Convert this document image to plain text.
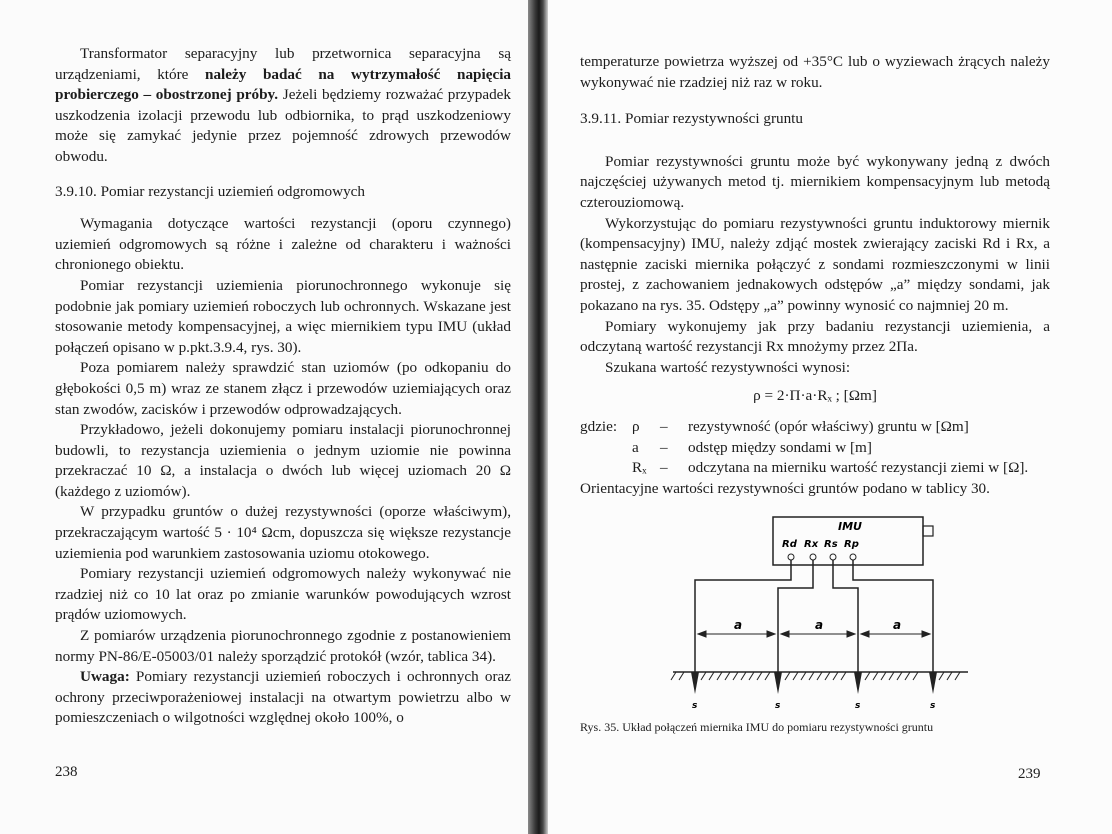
Transformator separacyjny lub przetwornica separacyjna są urządzeniami, które należy badać na wytrzymałość napięcia probierczego – obostrzonej próby. Jeżeli będziemy rozważać przypadek uszkodzenia izolacji przewodu lub odbiornika, to prąd uszkodzeniowy może się zamykać jedynie przez pojemność zdrowych przewodów obwodu.

3.9.10. Pomiar rezystancji uziemień odgromowych

Wymagania dotyczące wartości rezystancji (oporu czynnego) uziemień odgromowych są różne i zależne od charakteru i ważności chronionego obiektu.

Pomiar rezystancji uziemienia piorunochronnego wykonuje się podobnie jak pomiary uziemień roboczych lub ochronnych. Wskazane jest stosowanie metody kompensacyjnej, a więc miernikiem typu IMU (układ połączeń opisano w p.pkt.3.9.4, rys. 30).

Poza pomiarem należy sprawdzić stan uziomów (po odkopaniu do głębokości 0,5 m) wraz ze stanem złącz i przewodów uziemiających oraz stan zwodów, zacisków i przewodów odprowadzających.

Przykładowo, jeżeli dokonujemy pomiaru instalacji piorunochronnej budowli, to rezystancja uziemienia o jednym uziomie nie powinna przekraczać 10 Ω, a instalacja o dwóch lub więcej uziomach 20 Ω (każdego z uziomów).

W przypadku gruntów o dużej rezystywności (oporze właściwym), przekraczającym wartość 5 · 10⁴ Ωcm, dopuszcza się większe rezystancje uziemienia pod warunkiem zastosowania uziomu otokowego.

Pomiary rezystancji uziemień odgromowych należy wykonywać nie rzadziej niż co 10 lat oraz po zmianie warunków powodujących wzrost prądów uziomowych.

Z pomiarów urządzenia piorunochronnego zgodnie z postanowieniem normy PN-86/E-05003/01 należy sporządzić protokół (wzór, tablica 34).

Uwaga: Pomiary rezystancji uziemień roboczych i ochronnych oraz ochrony przeciwporażeniowej instalacji na otwartym powietrzu albo w pomieszczeniach o wilgotności względnej około 100%, o

238

temperaturze powietrza wyższej od +35°C lub o wyziewach żrących należy wykonywać nie rzadziej niż raz w roku.

3.9.11. Pomiar rezystywności gruntu

Pomiar rezystywności gruntu może być wykonywany jedną z dwóch najczęściej używanych metod tj. miernikiem kompensacyjnym lub metodą czterouziomową.

Wykorzystując do pomiaru rezystywności gruntu induktorowy miernik (kompensacyjny) IMU, należy zdjąć mostek zwierający zaciski Rd i Rx, a następnie zaciski miernika połączyć z sondami rozmieszczonymi w linii prostej, z zachowaniem jednakowych odstępów „a” między sondami, jak pokazano na rys. 35. Odstępy „a” powinny wynosić co najmniej 20 m.

Pomiary wykonujemy jak przy badaniu rezystancji uziemienia, a odczytaną wartość rezystancji Rx mnożymy przez 2Πa.

Szukana wartość rezystywności wynosi:

ρ = 2·Π·a·Rₓ ; [Ωm]

gdzie: ρ	–	rezystywność (opór właściwy) gruntu w [Ωm]
a	–	odstęp między sondami w [m]
Rₓ –	odczytana na mierniku wartość rezystancji ziemi w [Ω].

Orientacyjne wartości rezystywności gruntów podano w tablicy 30.

IMU
Rd Rx Rs Rp
a	a	a
s	s	s	s
Rys. 35. Układ połączeń miernika IMU do pomiaru rezystywności gruntu
239
